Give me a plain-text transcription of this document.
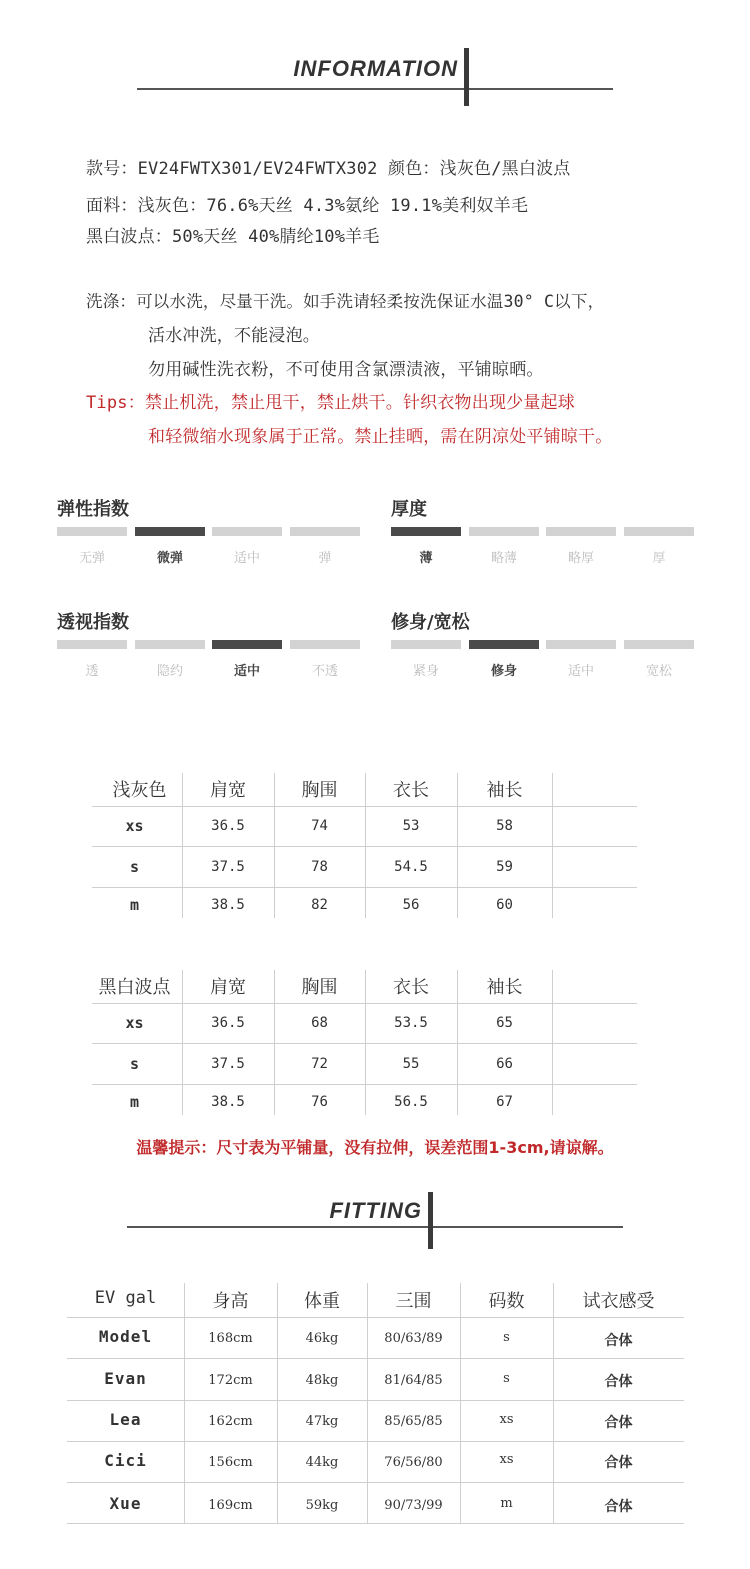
INFORMATION
款号：EV24FWTX301/EV24FWTX302 颜色：浅灰色/黑白波点
面料：浅灰色：76.6%天丝 4.3%氨纶 19.1%美利奴羊毛
黑白波点：50%天丝 40%腈纶10%羊毛
洗涤：可以水洗，尽量干洗。如手洗请轻柔按洗保证水温30° C以下，
活水冲洗，不能浸泡。
勿用碱性洗衣粉，不可使用含氯漂渍液，平铺晾晒。
Tips：禁止机洗，禁止甩干，禁止烘干。针织衣物出现少量起球
和轻微缩水现象属于正常。禁止挂晒，需在阴凉处平铺晾干。
弹性指数
无弹	微弹	适中	弹
厚度
薄	略薄	略厚	厚
透视指数
透	隐约	适中	不透
修身/宽松
紧身	修身	适中	宽松
浅灰色	肩宽	胸围	衣长	袖长
xs	36.5	74	53	58
s	37.5	78	54.5	59
m	38.5	82	56	60
黑白波点	肩宽	胸围	衣长	袖长
xs	36.5	68	53.5	65
s	37.5	72	55	66
m	38.5	76	56.5	67
温馨提示：尺寸表为平铺量，没有拉伸，误差范围1-3cm,请谅解。
FITTING
EV gal	身高	体重	三围	码数	试衣感受
Model	168cm	46kg	80/63/89	s	合体
Evan	172cm	48kg	81/64/85	s	合体
Lea	162cm	47kg	85/65/85	xs	合体
Cici	156cm	44kg	76/56/80	xs	合体
Xue	169cm	59kg	90/73/99	m	合体
